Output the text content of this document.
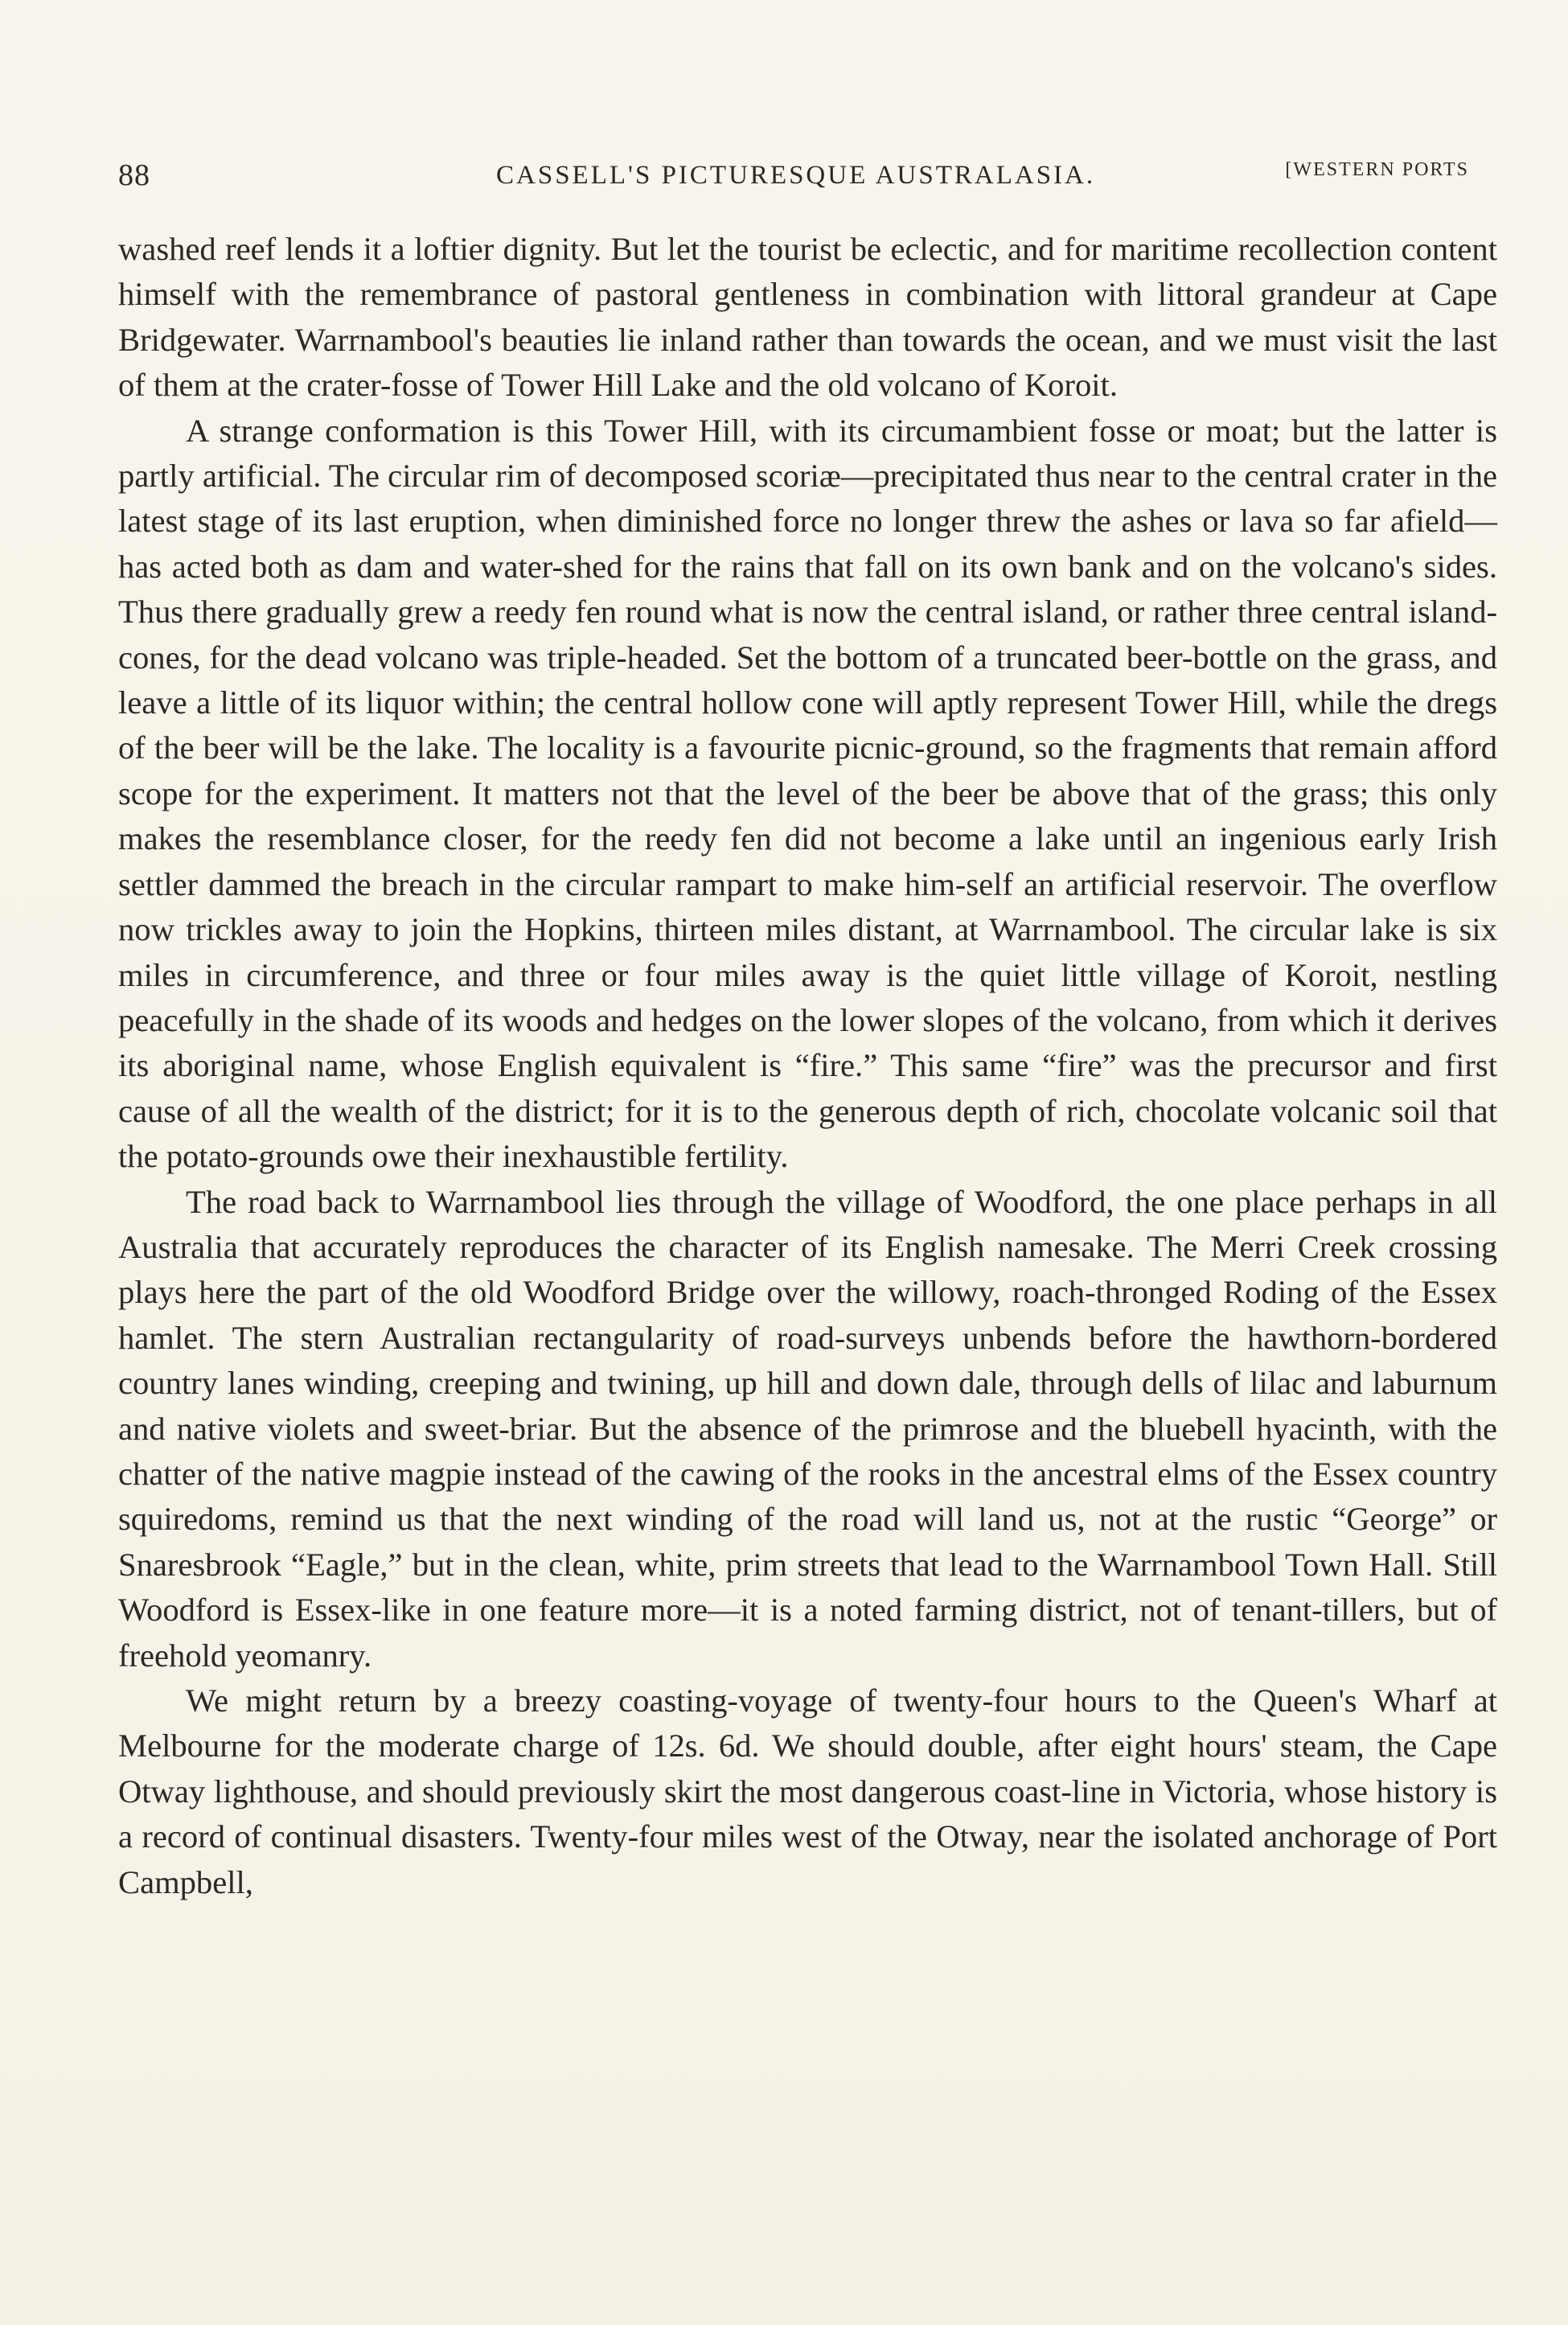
88	CASSELL'S PICTURESQUE AUSTRALASIA.	[WESTERN PORTS

washed reef lends it a loftier dignity. But let the tourist be eclectic, and for maritime recollection content himself with the remembrance of pastoral gentleness in combination with littoral grandeur at Cape Bridgewater. Warrnambool's beauties lie inland rather than towards the ocean, and we must visit the last of them at the crater-fosse of Tower Hill Lake and the old volcano of Koroit.

A strange conformation is this Tower Hill, with its circumambient fosse or moat; but the latter is partly artificial. The circular rim of decomposed scoriæ—precipitated thus near to the central crater in the latest stage of its last eruption, when diminished force no longer threw the ashes or lava so far afield—has acted both as dam and water-shed for the rains that fall on its own bank and on the volcano's sides. Thus there gradually grew a reedy fen round what is now the central island, or rather three central island-cones, for the dead volcano was triple-headed. Set the bottom of a truncated beer-bottle on the grass, and leave a little of its liquor within; the central hollow cone will aptly represent Tower Hill, while the dregs of the beer will be the lake. The locality is a favourite picnic-ground, so the fragments that remain afford scope for the experiment. It matters not that the level of the beer be above that of the grass; this only makes the resemblance closer, for the reedy fen did not become a lake until an ingenious early Irish settler dammed the breach in the circular rampart to make him-self an artificial reservoir. The overflow now trickles away to join the Hopkins, thirteen miles distant, at Warrnambool. The circular lake is six miles in circumference, and three or four miles away is the quiet little village of Koroit, nestling peacefully in the shade of its woods and hedges on the lower slopes of the volcano, from which it derives its aboriginal name, whose English equivalent is “fire.” This same “fire” was the precursor and first cause of all the wealth of the district; for it is to the generous depth of rich, chocolate volcanic soil that the potato-grounds owe their inexhaustible fertility.

The road back to Warrnambool lies through the village of Woodford, the one place perhaps in all Australia that accurately reproduces the character of its English namesake. The Merri Creek crossing plays here the part of the old Woodford Bridge over the willowy, roach-thronged Roding of the Essex hamlet. The stern Australian rectangularity of road-surveys unbends before the hawthorn-bordered country lanes winding, creeping and twining, up hill and down dale, through dells of lilac and laburnum and native violets and sweet-briar. But the absence of the primrose and the bluebell hyacinth, with the chatter of the native magpie instead of the cawing of the rooks in the ancestral elms of the Essex country squiredoms, remind us that the next winding of the road will land us, not at the rustic “George” or Snaresbrook “Eagle,” but in the clean, white, prim streets that lead to the Warrnambool Town Hall. Still Woodford is Essex-like in one feature more—it is a noted farming district, not of tenant-tillers, but of freehold yeomanry.

We might return by a breezy coasting-voyage of twenty-four hours to the Queen's Wharf at Melbourne for the moderate charge of 12s. 6d. We should double, after eight hours' steam, the Cape Otway lighthouse, and should previously skirt the most dangerous coast-line in Victoria, whose history is a record of continual disasters. Twenty-four miles west of the Otway, near the isolated anchorage of Port Campbell,
